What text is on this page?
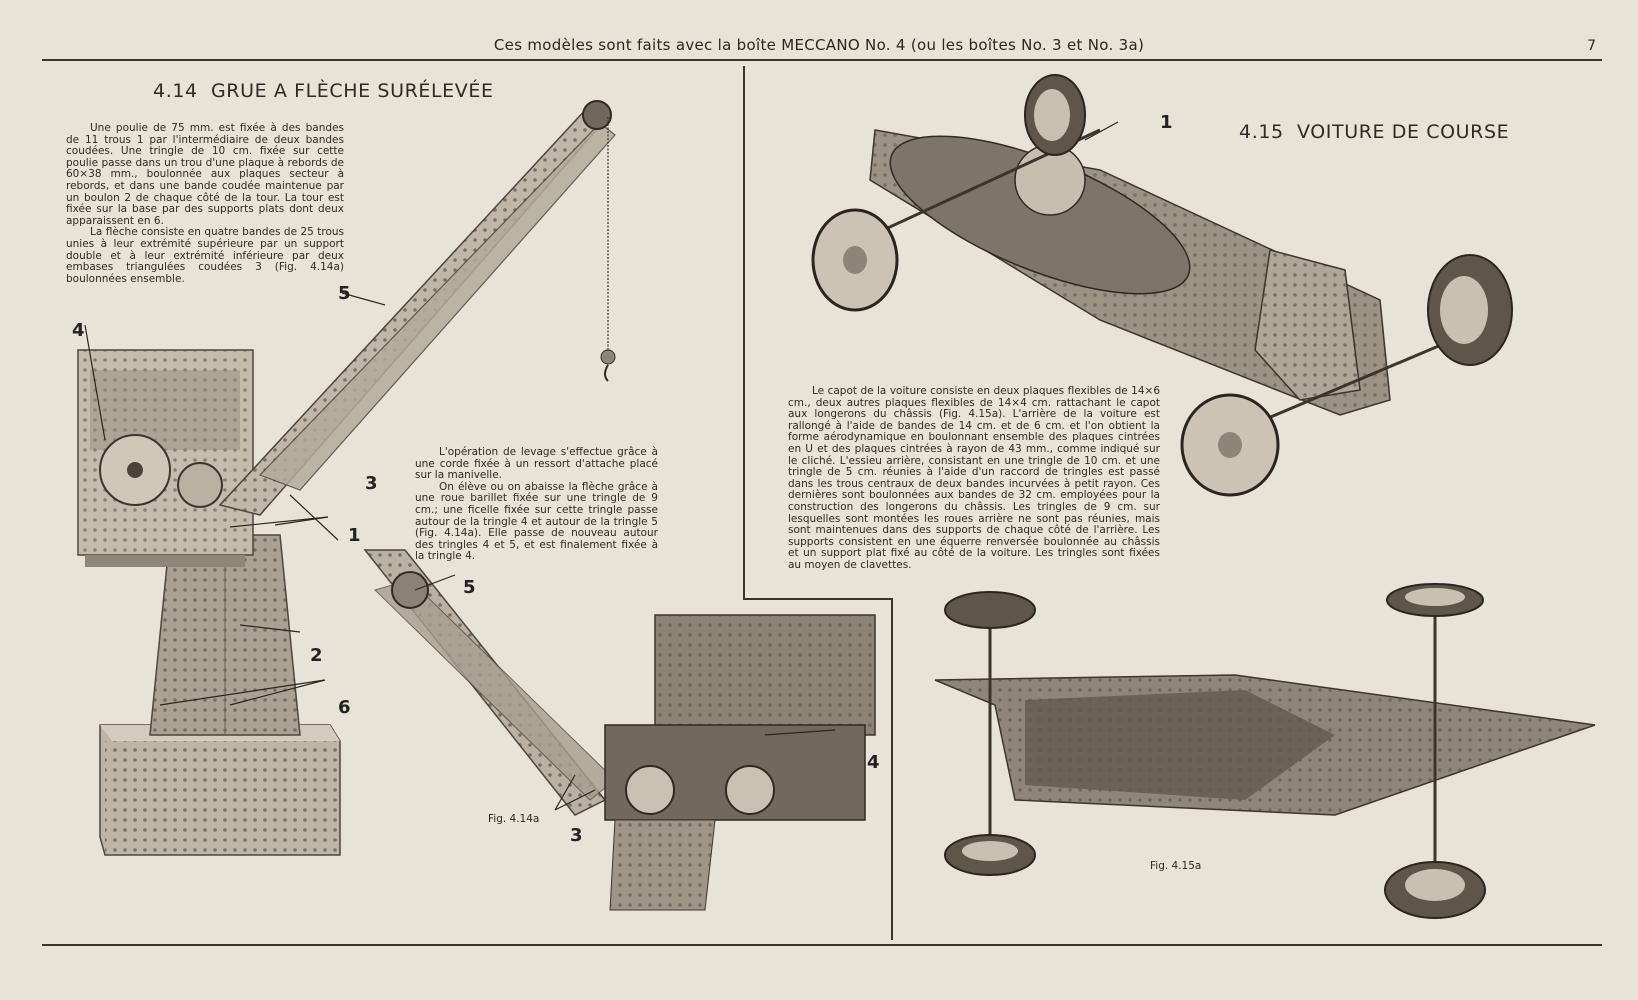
Ces modèles sont faits avec la boîte MECCANO No. 4 (ou les boîtes No. 3 et No. 3a)	7
4.14  GRUE A FLÈCHE SURÉLEVÉE

Une poulie de 75 mm. est fixée à des bandes de 11 trous 1 par l'intermédiaire de deux bandes coudées. Une tringle de 10 cm. fixée sur cette poulie passe dans un trou d'une plaque à rebords de 60×38 mm., boulonnée aux plaques secteur à rebords, et dans une bande coudée maintenue par un boulon 2 de chaque côté de la tour. La tour est fixée sur la base par des supports plats dont deux apparaissent en 6.

La flèche consiste en quatre bandes de 25 trous unies à leur extrémité supérieure par un support double et à leur extrémité inférieure par deux embases triangulées coudées 3 (Fig. 4.14a) boulonnées ensemble.

L'opération de levage s'effectue grâce à une corde fixée à un ressort d'attache placé sur la manivelle.

On élève ou on abaisse la flèche grâce à une roue barillet fixée sur une tringle de 9 cm.; une ficelle fixée sur cette tringle passe autour de la tringle 4 et autour de la tringle 5 (Fig. 4.14a). Elle passe de nouveau autour des tringles 4 et 5, et est finalement fixée à la tringle 4.

5
4
3
1
2
6
5
4
3
Fig. 4.14a
4.15  VOITURE DE COURSE

Le capot de la voiture consiste en deux plaques flexibles de 14×6 cm., deux autres plaques flexibles de 14×4 cm. rattachant le capot aux longerons du châssis (Fig. 4.15a). L'arrière de la voiture est rallongé à l'aide de bandes de 14 cm. et de 6 cm. et l'on obtient la forme aérodynamique en boulonnant ensemble des plaques cintrées en U et des plaques cintrées à rayon de 43 mm., comme indiqué sur le cliché. L'essieu arrière, consistant en une tringle de 10 cm. et une tringle de 5 cm. réunies à l'aide d'un raccord de tringles est passé dans les trous centraux de deux bandes incurvées à petit rayon. Ces dernières sont boulonnées aux bandes de 32 cm. employées pour la construction des longerons du châssis. Les tringles de 9 cm. sur lesquelles sont montées les roues arrière ne sont pas réunies, mais sont maintenues dans des supports de chaque côté de l'arrière. Les supports consistent en une équerre renversée boulonnée au châssis et un support plat fixé au côté de la voiture. Les tringles sont fixées au moyen de clavettes.

1
Fig. 4.15a
